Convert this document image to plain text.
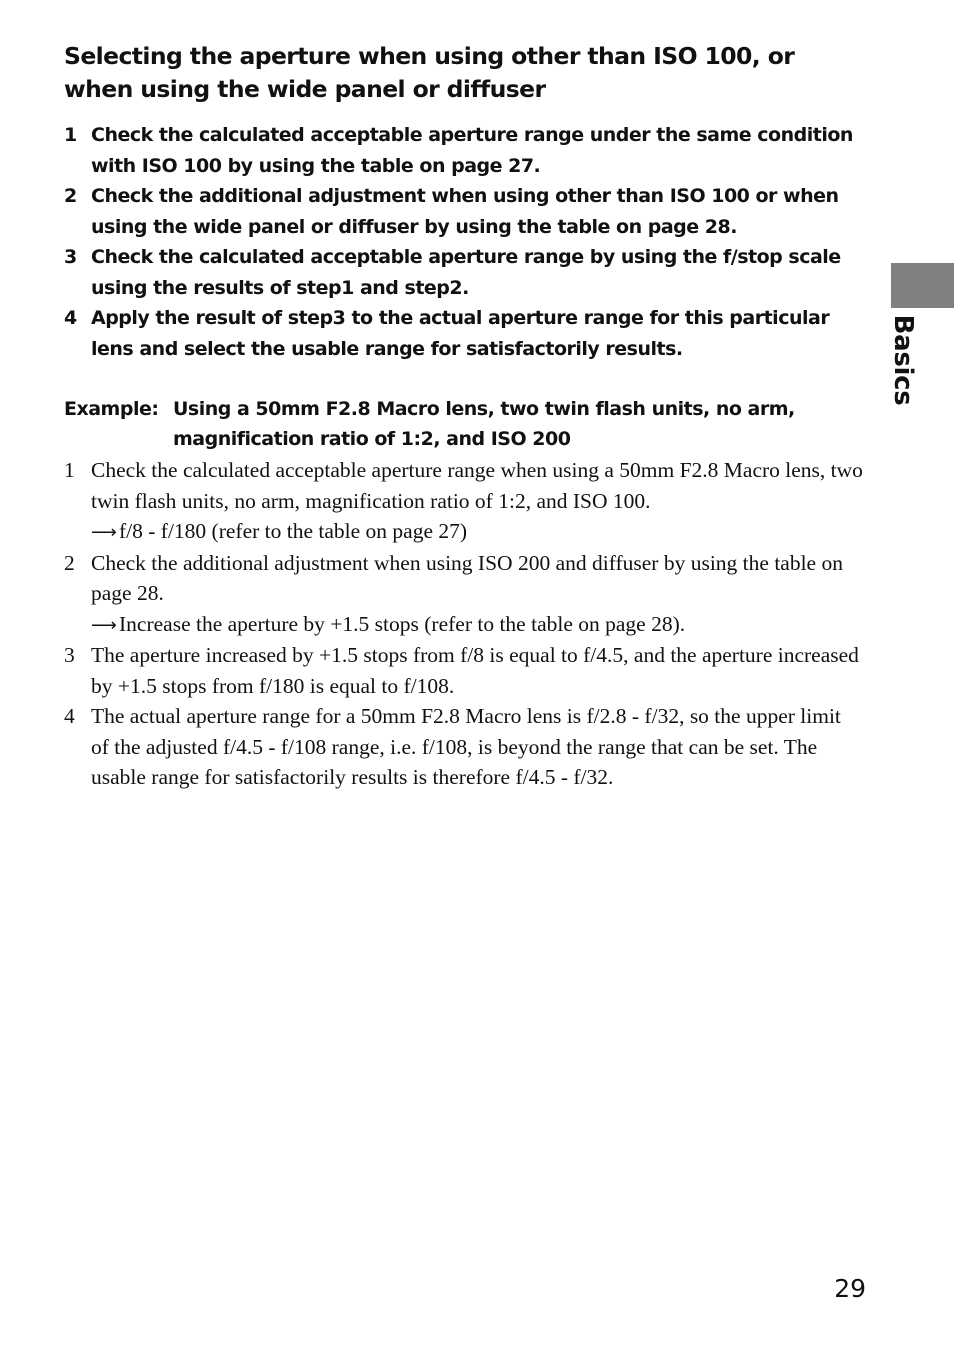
Selecting the aperture when using other than ISO 100, or when using the wide panel or diffuser
1 Check the calculated acceptable aperture range under the same condition with ISO 100 by using the table on page 27.
2 Check the additional adjustment when using other than ISO 100 or when using the wide panel or diffuser by using the table on page 28.
3 Check the calculated acceptable aperture range by using the f/stop scale using the results of step1 and step2.
4 Apply the result of step3 to the actual aperture range for this particular lens and select the usable range for satisfactorily results.
Example: Using a 50mm F2.8 Macro lens, two twin flash units, no arm, magnification ratio of 1:2, and ISO 200
1 Check the calculated acceptable aperture range when using a 50mm F2.8 Macro lens, two twin flash units, no arm, magnification ratio of 1:2, and ISO 100.
⟶ f/8 - f/180 (refer to the table on page 27)
2 Check the additional adjustment when using ISO 200 and diffuser by using the table on page 28.
⟶ Increase the aperture by +1.5 stops (refer to the table on page 28).
3 The aperture increased by +1.5 stops from f/8 is equal to f/4.5, and the aperture increased by +1.5 stops from f/180 is equal to f/108.
4 The actual aperture range for a 50mm F2.8 Macro lens is f/2.8 - f/32, so the upper limit of the adjusted f/4.5 - f/108 range, i.e. f/108, is beyond the range that can be set. The usable range for satisfactorily results is therefore f/4.5 - f/32.
Basics
29
